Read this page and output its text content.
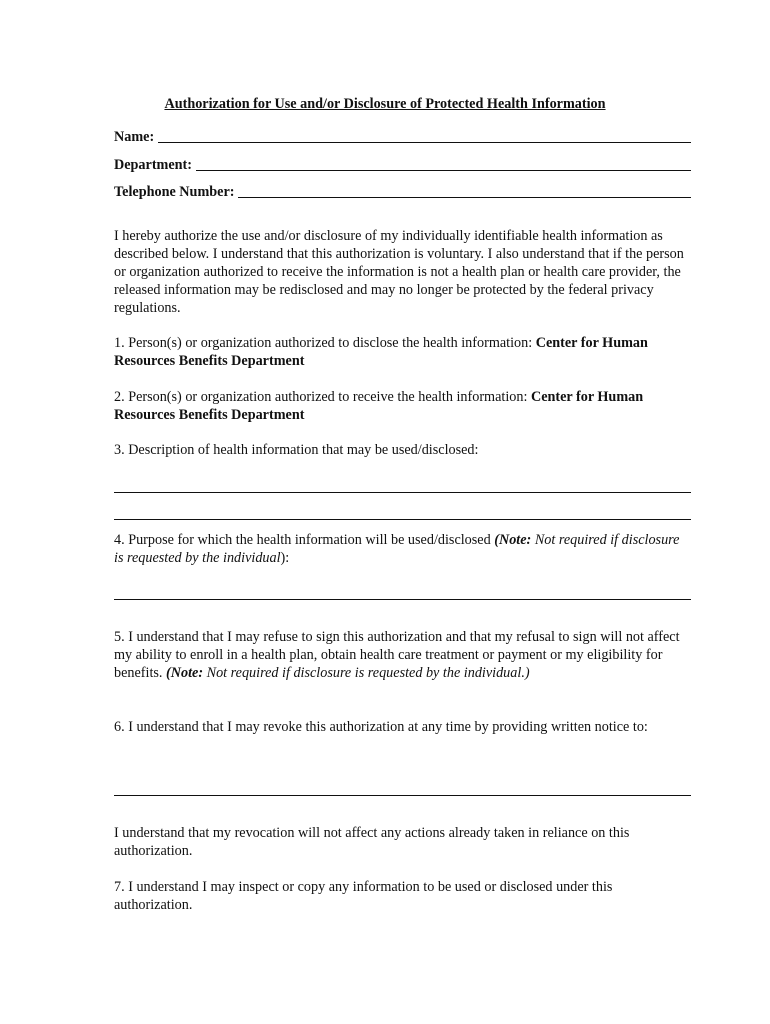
Authorization for Use and/or Disclosure of Protected Health Information
Name:
Department:
Telephone Number:

I hereby authorize the use and/or disclosure of my individually identifiable health information as described below. I understand that this authorization is voluntary. I also understand that if the person or organization authorized to receive the information is not a health plan or health care provider, the released information may be redisclosed and may no longer be protected by the federal privacy regulations.

1. Person(s) or organization authorized to disclose the health information: Center for Human Resources Benefits Department

2. Person(s) or organization authorized to receive the health information: Center for Human Resources Benefits Department

3. Description of health information that may be used/disclosed:

4. Purpose for which the health information will be used/disclosed (Note: Not required if disclosure is requested by the individual):

5. I understand that I may refuse to sign this authorization and that my refusal to sign will not affect my ability to enroll in a health plan, obtain health care treatment or payment or my eligibility for benefits. (Note: Not required if disclosure is requested by the individual.)

6. I understand that I may revoke this authorization at any time by providing written notice to:

I understand that my revocation will not affect any actions already taken in reliance on this authorization.

7. I understand I may inspect or copy any information to be used or disclosed under this authorization.
